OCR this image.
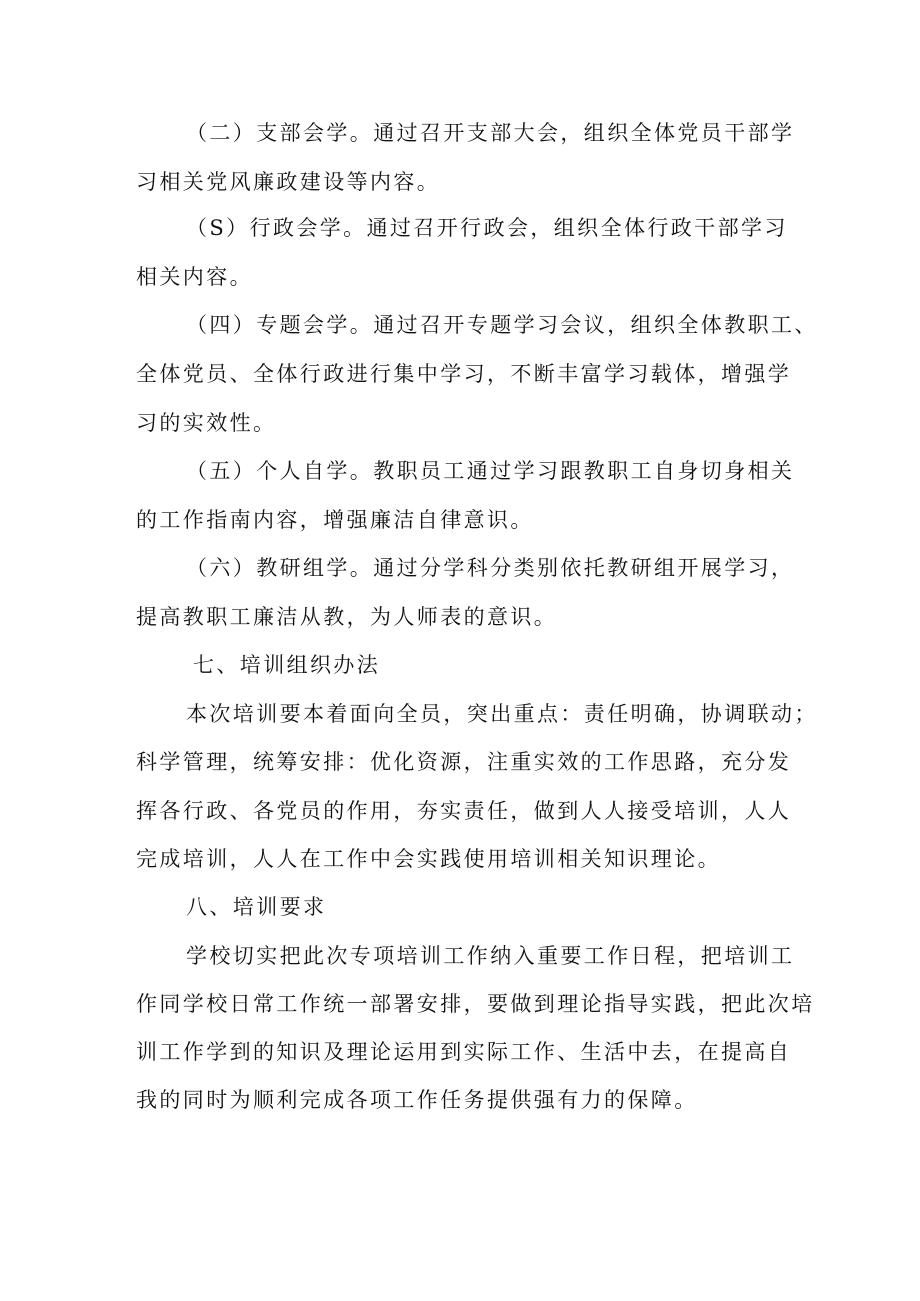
（二）支部会学。通过召开支部大会，组织全体党员干部学
习相关党风廉政建设等内容。
（S）行政会学。通过召开行政会，组织全体行政干部学习
相关内容。
（四）专题会学。通过召开专题学习会议，组织全体教职工、
全体党员、全体行政进行集中学习，不断丰富学习载体，增强学
习的实效性。
（五）个人自学。教职员工通过学习跟教职工自身切身相关
的工作指南内容，增强廉洁自律意识。
（六）教研组学。通过分学科分类别依托教研组开展学习，
提高教职工廉洁从教，为人师表的意识。
七、培训组织办法
本次培训要本着面向全员，突出重点：责任明确，协调联动；
科学管理，统筹安排：优化资源，注重实效的工作思路，充分发
挥各行政、各党员的作用，夯实责任，做到人人接受培训，人人
完成培训，人人在工作中会实践使用培训相关知识理论。
八、培训要求
学校切实把此次专项培训工作纳入重要工作日程，把培训工
作同学校日常工作统一部署安排，要做到理论指导实践，把此次培
训工作学到的知识及理论运用到实际工作、生活中去，在提高自
我的同时为顺利完成各项工作任务提供强有力的保障。
